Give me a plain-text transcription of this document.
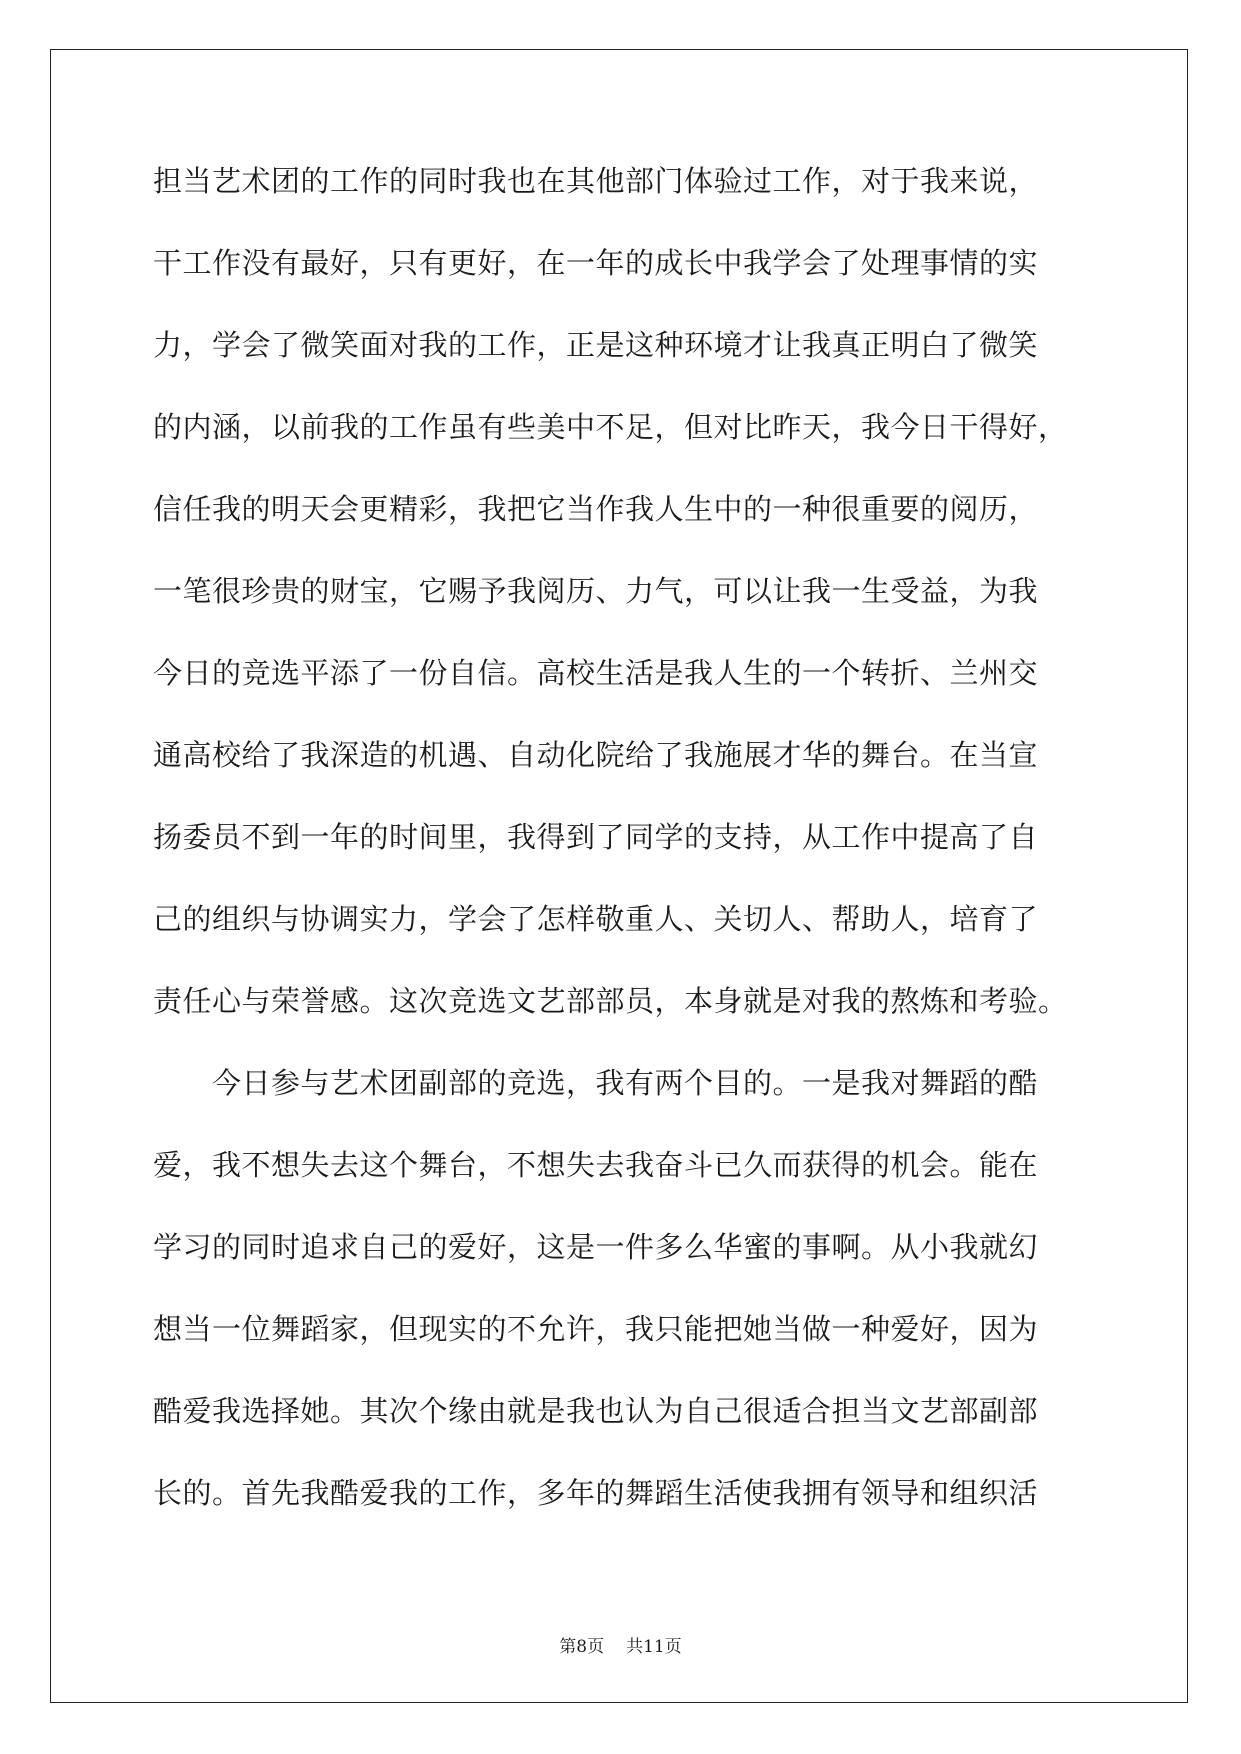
担当艺术团的工作的同时我也在其他部门体验过工作，对于我来说，
干工作没有最好，只有更好，在一年的成长中我学会了处理事情的实
力，学会了微笑面对我的工作，正是这种环境才让我真正明白了微笑
的内涵，以前我的工作虽有些美中不足，但对比昨天，我今日干得好，
信任我的明天会更精彩，我把它当作我人生中的一种很重要的阅历，
一笔很珍贵的财宝，它赐予我阅历、力气，可以让我一生受益，为我
今日的竞选平添了一份自信。高校生活是我人生的一个转折、兰州交
通高校给了我深造的机遇、自动化院给了我施展才华的舞台。在当宣
扬委员不到一年的时间里，我得到了同学的支持，从工作中提高了自
己的组织与协调实力，学会了怎样敬重人、关切人、帮助人，培育了
责任心与荣誉感。这次竞选文艺部部员，本身就是对我的熬炼和考验。
　　今日参与艺术团副部的竞选，我有两个目的。一是我对舞蹈的酷
爱，我不想失去这个舞台，不想失去我奋斗已久而获得的机会。能在
学习的同时追求自己的爱好，这是一件多么华蜜的事啊。从小我就幻
想当一位舞蹈家，但现实的不允许，我只能把她当做一种爱好，因为
酷爱我选择她。其次个缘由就是我也认为自己很适合担当文艺部副部
长的。首先我酷爱我的工作，多年的舞蹈生活使我拥有领导和组织活
第8页 共11页
